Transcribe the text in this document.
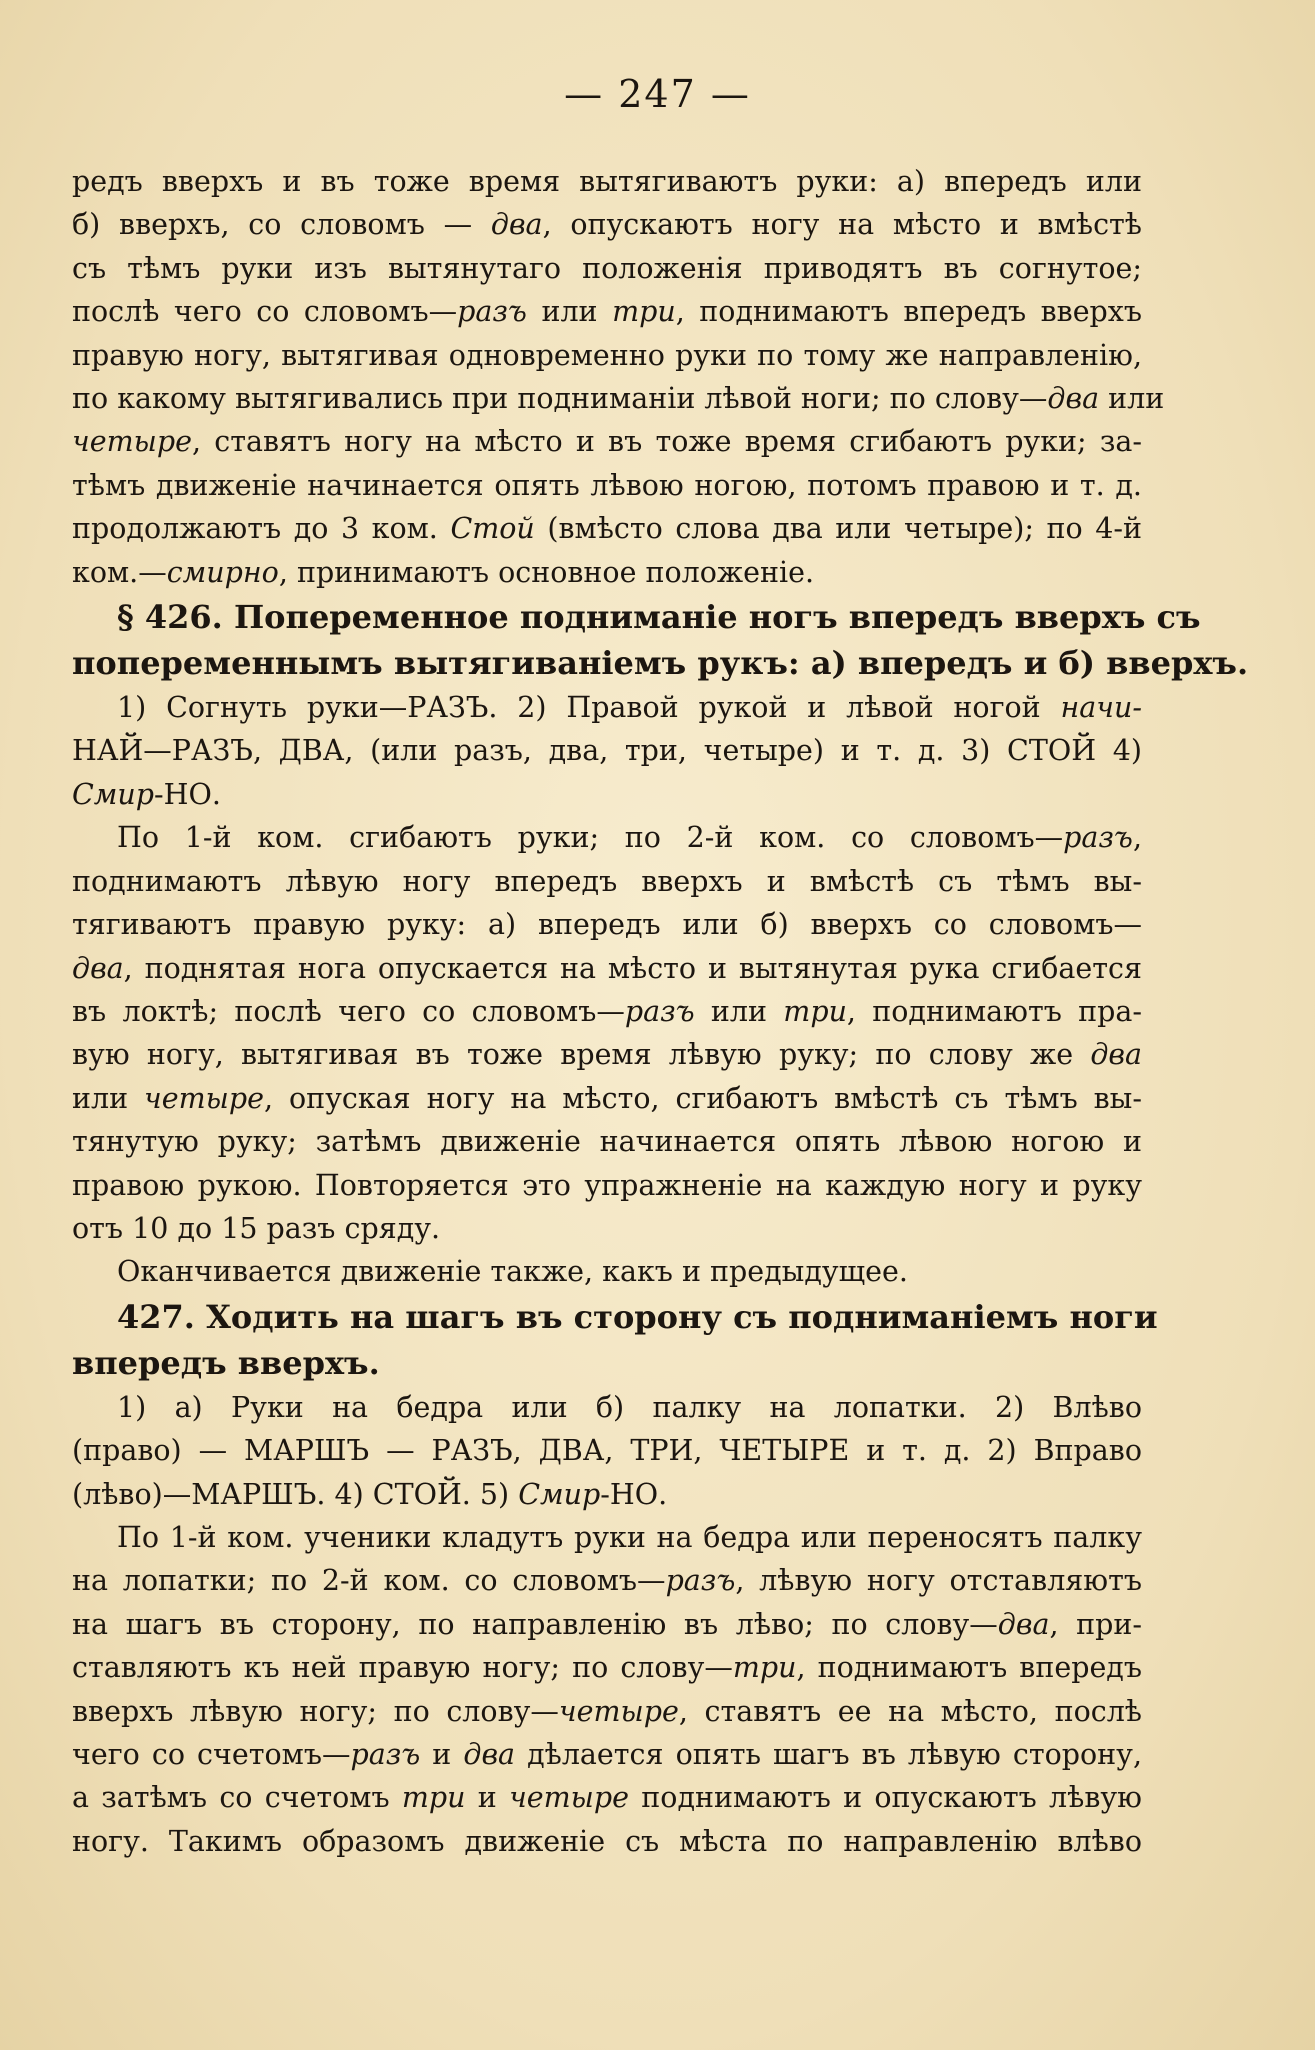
— 247 —
редъ вверхъ и въ тоже время вытягиваютъ руки: а) впередъ или
б) вверхъ, со словомъ — два, опускаютъ ногу на мѣсто и вмѣстѣ
съ тѣмъ руки изъ вытянутаго положенія приводятъ въ согнутое;
послѣ чего со словомъ—разъ или три, поднимаютъ впередъ вверхъ
правую ногу, вытягивая одновременно руки по тому же направленію,
по какому вытягивались при подниманіи лѣвой ноги; по слову—два или
четыре, ставятъ ногу на мѣсто и въ тоже время сгибаютъ руки; за-
тѣмъ движеніе начинается опять лѣвою ногою, потомъ правою и т. д.
продолжаютъ до 3 ком. Стой (вмѣсто слова два или четыре); по 4-й
ком.—смирно, принимаютъ основное положеніе.
§ 426. Попеременное подниманіе ногъ впередъ вверхъ съ
попеременнымъ вытягиваніемъ рукъ: а) впередъ и б) вверхъ.
1) Согнуть руки—РАЗЪ. 2) Правой рукой и лѣвой ногой начи-
НАЙ—РАЗЪ, ДВА, (или разъ, два, три, четыре) и т. д. 3) СТОЙ 4)
Смир-НО.
По 1-й ком. сгибаютъ руки; по 2-й ком. со словомъ—разъ,
поднимаютъ лѣвую ногу впередъ вверхъ и вмѣстѣ съ тѣмъ вы-
тягиваютъ правую руку: а) впередъ или б) вверхъ со словомъ—
два, поднятая нога опускается на мѣсто и вытянутая рука сгибается
въ локтѣ; послѣ чего со словомъ—разъ или три, поднимаютъ пра-
вую ногу, вытягивая въ тоже время лѣвую руку; по слову же два
или четыре, опуская ногу на мѣсто, сгибаютъ вмѣстѣ съ тѣмъ вы-
тянутую руку; затѣмъ движеніе начинается опять лѣвою ногою и
правою рукою. Повторяется это упражненіе на каждую ногу и руку
отъ 10 до 15 разъ сряду.
Оканчивается движеніе также, какъ и предыдущее.
427. Ходить на шагъ въ сторону съ подниманіемъ ноги
впередъ вверхъ.
1) а) Руки на бедра или б) палку на лопатки. 2) Влѣво
(право) — МАРШЪ — РАЗЪ, ДВА, ТРИ, ЧЕТЫРЕ и т. д. 2) Вправо
(лѣво)—МАРШЪ. 4) СТОЙ. 5) Смир-НО.
По 1-й ком. ученики кладутъ руки на бедра или переносятъ палку
на лопатки; по 2-й ком. со словомъ—разъ, лѣвую ногу отставляютъ
на шагъ въ сторону, по направленію въ лѣво; по слову—два, при-
ставляютъ къ ней правую ногу; по слову—три, поднимаютъ впередъ
вверхъ лѣвую ногу; по слову—четыре, ставятъ ее на мѣсто, послѣ
чего со счетомъ—разъ и два дѣлается опять шагъ въ лѣвую сторону,
а затѣмъ со счетомъ три и четыре поднимаютъ и опускаютъ лѣвую
ногу. Такимъ образомъ движеніе съ мѣста по направленію влѣво
